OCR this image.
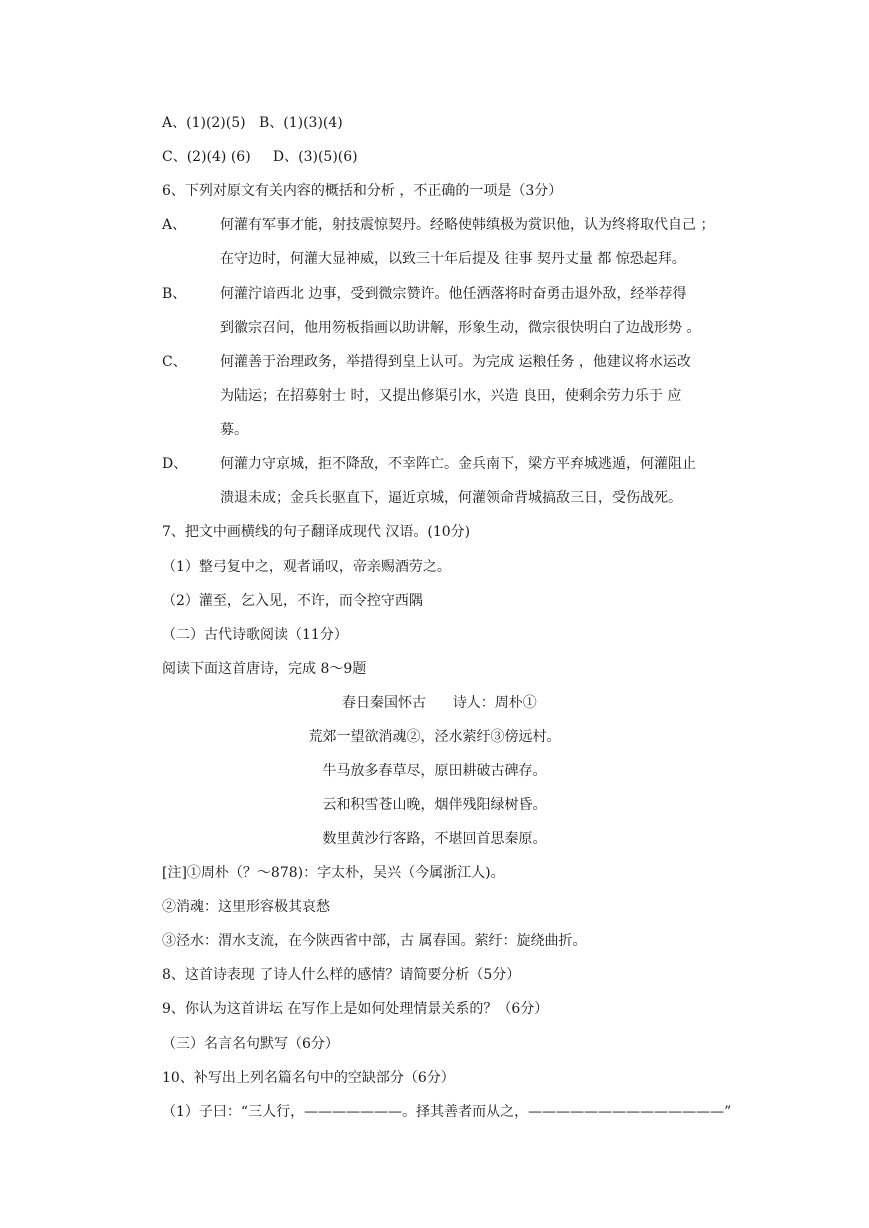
A、(1)(2)(5)   B、(1)(3)(4)
C、(2)(4) (6)     D、(3)(5)(6)
6、下列对原文有关内容的概括和分析 ，不正确的一项是（3分）
A、 何灌有军事才能，射技震惊契丹。经略使韩缜极为赏识他，认为终将取代自己 ；
在守边时，何灌大显神威，以致三十年后提及 往事 契丹丈量 都 惊恐起拜。
B、 何灌泞谙西北 边事，受到微宗赞许。他任洒落将时奋勇击退外敌，经举荐得
到徽宗召问，他用笏板指画以助讲解，形象生动，微宗很快明白了边战形势 。
C、 何灌善于治理政务，举措得到皇上认可。为完成 运粮任务 ，他建议将水运改
为陆运；在招募射士 时，又提出修渠引水，兴造 良田，使剩余劳力乐于 应
募。
D、 何灌力守京城，拒不降敌，不幸阵亡。金兵南下，梁方平弃城逃遁，何灌阻止
溃退未成；金兵长驱直下，逼近京城，何灌领命背城搞敌三日，受伤战死。
7、把文中画横线的句子翻译成现代 汉语。(10分)
（1）整弓复中之，观者诵叹，帝亲赐酒劳之。
（2）灌至，乞入见，不许，而令控守西隅
（二）古代诗歌阅读（11分）
阅读下面这首唐诗，完成 8～9题
春日秦国怀古      诗人：周朴①
荒郊一望欲消魂②，泾水萦纡③傍远村。
牛马放多春草尽，原田耕破古碑存。
云和积雪苍山晚，烟伴残阳绿树昏。
数里黄沙行客路，不堪回首思秦原。
[注]①周朴（？～878)：字太朴，吴兴（今属浙江人)。
②消魂：这里形容极其哀愁
③泾水：渭水支流，在今陕西省中部，古 属春国。萦纡：旋绕曲折。
8、这首诗表现 了诗人什么样的感情？请简要分析（5分）
9、你认为这首讲坛 在写作上是如何处理情景关系的？（6分）
（三）名言名句默写（6分）
10、补写出上列名篇名句中的空缺部分（6分）
（1）子曰：“三人行，———————。择其善者而从之，——————————————”
